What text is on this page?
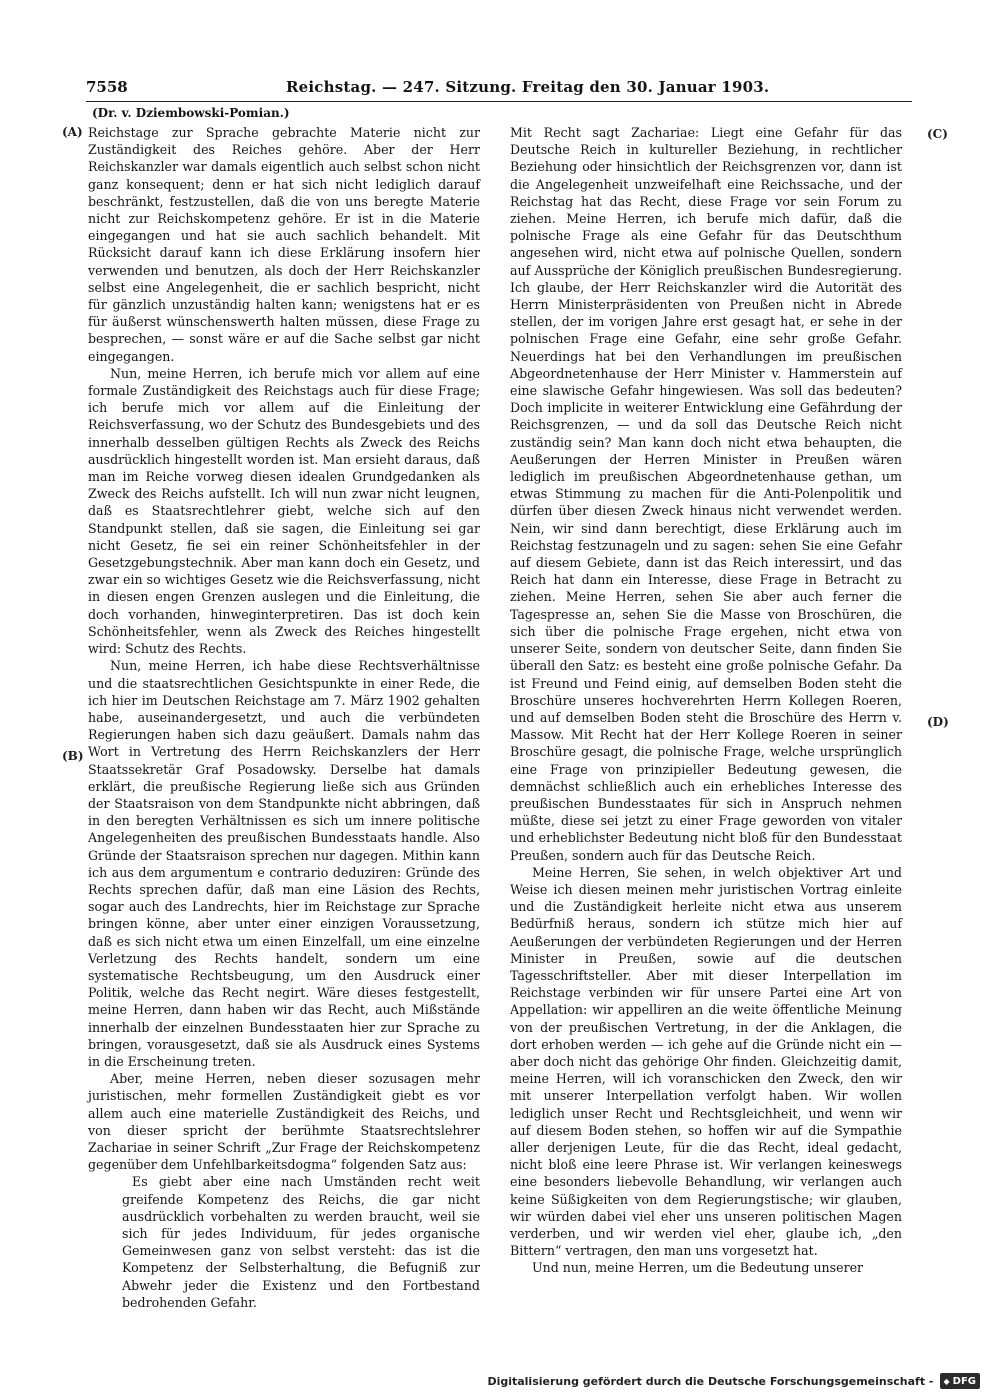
7558	Reichstag. — 247. Sitzung. Freitag den 30. Januar 1903.
(Dr. v. Dziembowski-Pomian.)
(A)
(B)
(C)
(D)

Reichstage zur Sprache gebrachte Materie nicht zur Zuständigkeit des Reiches gehöre. Aber der Herr Reichskanzler war damals eigentlich auch selbst schon nicht ganz konsequent; denn er hat sich nicht lediglich darauf beschränkt, festzustellen, daß die von uns beregte Materie nicht zur Reichskompetenz gehöre. Er ist in die Materie eingegangen und hat sie auch sachlich behandelt. Mit Rücksicht darauf kann ich diese Erklärung insofern hier verwenden und benutzen, als doch der Herr Reichskanzler selbst eine Angelegenheit, die er sachlich bespricht, nicht für gänzlich unzuständig halten kann; wenigstens hat er es für äußerst wünschenswerth halten müssen, diese Frage zu besprechen, — sonst wäre er auf die Sache selbst gar nicht eingegangen.

Nun, meine Herren, ich berufe mich vor allem auf eine formale Zuständigkeit des Reichstags auch für diese Frage; ich berufe mich vor allem auf die Einleitung der Reichsverfassung, wo der Schutz des Bundesgebiets und des innerhalb desselben gültigen Rechts als Zweck des Reichs ausdrücklich hingestellt worden ist. Man ersieht daraus, daß man im Reiche vorweg diesen idealen Grundgedanken als Zweck des Reichs aufstellt. Ich will nun zwar nicht leugnen, daß es Staatsrechtlehrer giebt, welche sich auf den Standpunkt stellen, daß sie sagen, die Einleitung sei gar nicht Gesetz, fie sei ein reiner Schönheitsfehler in der Gesetzgebungstechnik. Aber man kann doch ein Gesetz, und zwar ein so wichtiges Gesetz wie die Reichsverfassung, nicht in diesen engen Grenzen auslegen und die Einleitung, die doch vorhanden, hinweginterpretiren. Das ist doch kein Schönheitsfehler, wenn als Zweck des Reiches hingestellt wird: Schutz des Rechts.

Nun, meine Herren, ich habe diese Rechtsverhältnisse und die staatsrechtlichen Gesichtspunkte in einer Rede, die ich hier im Deutschen Reichstage am 7. März 1902 gehalten habe, auseinandergesetzt, und auch die verbündeten Regierungen haben sich dazu geäußert. Damals nahm das Wort in Vertretung des Herrn Reichskanzlers der Herr Staatssekretär Graf Posadowsky. Derselbe hat damals erklärt, die preußische Regierung ließe sich aus Gründen der Staatsraison von dem Standpunkte nicht abbringen, daß in den beregten Verhältnissen es sich um innere politische Angelegenheiten des preußischen Bundesstaats handle. Also Gründe der Staatsraison sprechen nur dagegen. Mithin kann ich aus dem argumentum e contrario deduziren: Gründe des Rechts sprechen dafür, daß man eine Läsion des Rechts, sogar auch des Landrechts, hier im Reichstage zur Sprache bringen könne, aber unter einer einzigen Voraussetzung, daß es sich nicht etwa um einen Einzelfall, um eine einzelne Verletzung des Rechts handelt, sondern um eine systematische Rechtsbeugung, um den Ausdruck einer Politik, welche das Recht negirt. Wäre dieses festgestellt, meine Herren, dann haben wir das Recht, auch Mißstände innerhalb der einzelnen Bundesstaaten hier zur Sprache zu bringen, vorausgesetzt, daß sie als Ausdruck eines Systems in die Erscheinung treten.

Aber, meine Herren, neben dieser sozusagen mehr juristischen, mehr formellen Zuständigkeit giebt es vor allem auch eine materielle Zuständigkeit des Reichs, und von dieser spricht der berühmte Staatsrechtslehrer Zachariae in seiner Schrift „Zur Frage der Reichskompetenz gegenüber dem Unfehlbarkeitsdogma“ folgenden Satz aus:

Es giebt aber eine nach Umständen recht weit greifende Kompetenz des Reichs, die gar nicht ausdrücklich vorbehalten zu werden braucht, weil sie sich für jedes Individuum, für jedes organische Gemeinwesen ganz von selbst versteht: das ist die Kompetenz der Selbsterhaltung, die Befugniß zur Abwehr jeder die Existenz und den Fortbestand bedrohenden Gefahr.

Mit Recht sagt Zachariae: Liegt eine Gefahr für das Deutsche Reich in kultureller Beziehung, in rechtlicher Beziehung oder hinsichtlich der Reichsgrenzen vor, dann ist die Angelegenheit unzweifelhaft eine Reichssache, und der Reichstag hat das Recht, diese Frage vor sein Forum zu ziehen. Meine Herren, ich berufe mich dafür, daß die polnische Frage als eine Gefahr für das Deutschthum angesehen wird, nicht etwa auf polnische Quellen, sondern auf Aussprüche der Königlich preußischen Bundesregierung. Ich glaube, der Herr Reichskanzler wird die Autorität des Herrn Ministerpräsidenten von Preußen nicht in Abrede stellen, der im vorigen Jahre erst gesagt hat, er sehe in der polnischen Frage eine Gefahr, eine sehr große Gefahr. Neuerdings hat bei den Verhandlungen im preußischen Abgeordnetenhause der Herr Minister v. Hammerstein auf eine slawische Gefahr hingewiesen. Was soll das bedeuten? Doch implicite in weiterer Entwicklung eine Gefährdung der Reichsgrenzen, — und da soll das Deutsche Reich nicht zuständig sein? Man kann doch nicht etwa behaupten, die Aeußerungen der Herren Minister in Preußen wären lediglich im preußischen Abgeordnetenhause gethan, um etwas Stimmung zu machen für die Anti-Polenpolitik und dürfen über diesen Zweck hinaus nicht verwendet werden. Nein, wir sind dann berechtigt, diese Erklärung auch im Reichstag festzunageln und zu sagen: sehen Sie eine Gefahr auf diesem Gebiete, dann ist das Reich interessirt, und das Reich hat dann ein Interesse, diese Frage in Betracht zu ziehen. Meine Herren, sehen Sie aber auch ferner die Tagespresse an, sehen Sie die Masse von Broschüren, die sich über die polnische Frage ergehen, nicht etwa von unserer Seite, sondern von deutscher Seite, dann finden Sie überall den Satz: es besteht eine große polnische Gefahr. Da ist Freund und Feind einig, auf demselben Boden steht die Broschüre unseres hochverehrten Herrn Kollegen Roeren, und auf demselben Boden steht die Broschüre des Herrn v. Massow. Mit Recht hat der Herr Kollege Roeren in seiner Broschüre gesagt, die polnische Frage, welche ursprünglich eine Frage von prinzipieller Bedeutung gewesen, die demnächst schließlich auch ein erhebliches Interesse des preußischen Bundesstaates für sich in Anspruch nehmen müßte, diese sei jetzt zu einer Frage geworden von vitaler und erheblichster Bedeutung nicht bloß für den Bundesstaat Preußen, sondern auch für das Deutsche Reich.

Meine Herren, Sie sehen, in welch objektiver Art und Weise ich diesen meinen mehr juristischen Vortrag einleite und die Zuständigkeit herleite nicht etwa aus unserem Bedürfniß heraus, sondern ich stütze mich hier auf Aeußerungen der verbündeten Regierungen und der Herren Minister in Preußen, sowie auf die deutschen Tagesschriftsteller. Aber mit dieser Interpellation im Reichstage verbinden wir für unsere Partei eine Art von Appellation: wir appelliren an die weite öffentliche Meinung von der preußischen Vertretung, in der die Anklagen, die dort erhoben werden — ich gehe auf die Gründe nicht ein — aber doch nicht das gehörige Ohr finden. Gleichzeitig damit, meine Herren, will ich voranschicken den Zweck, den wir mit unserer Interpellation verfolgt haben. Wir wollen lediglich unser Recht und Rechtsgleichheit, und wenn wir auf diesem Boden stehen, so hoffen wir auf die Sympathie aller derjenigen Leute, für die das Recht, ideal gedacht, nicht bloß eine leere Phrase ist. Wir verlangen keineswegs eine besonders liebevolle Behandlung, wir verlangen auch keine Süßigkeiten von dem Regierungstische; wir glauben, wir würden dabei viel eher uns unseren politischen Magen verderben, und wir werden viel eher, glaube ich, „den Bittern“ vertragen, den man uns vorgesetzt hat.

Und nun, meine Herren, um die Bedeutung unserer

Digitalisierung gefördert durch die Deutsche Forschungsgemeinschaft -
◆	DFG
